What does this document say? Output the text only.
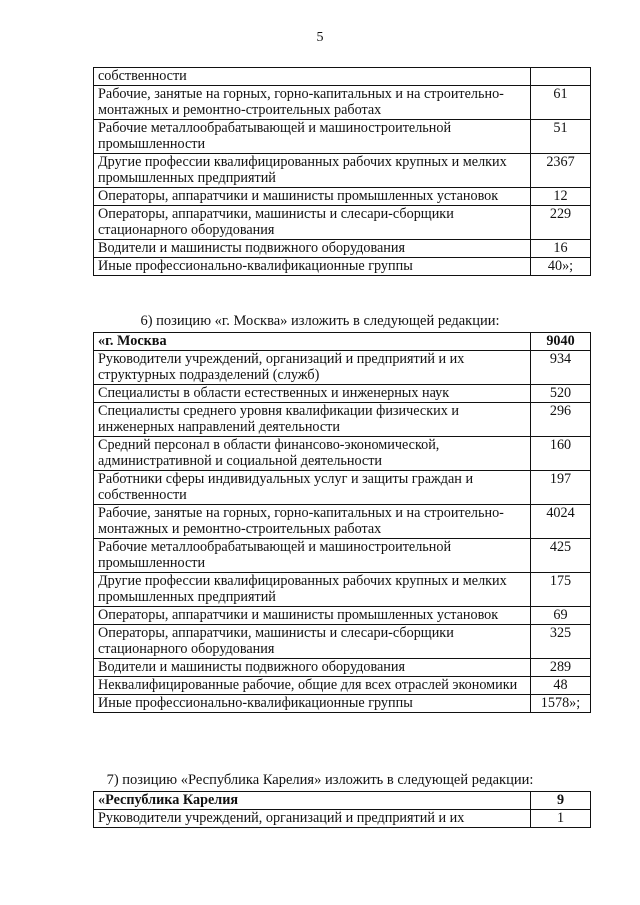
5
собственности	
Рабочие, занятые на горных, горно-капитальных и на строительно-монтажных и ремонтно-строительных работах	61
Рабочие металлообрабатывающей и машиностроительной промышленности	51
Другие профессии квалифицированных рабочих крупных и мелких промышленных предприятий	2367
Операторы, аппаратчики и машинисты промышленных установок	12
Операторы, аппаратчики, машинисты и слесари-сборщики стационарного оборудования	229
Водители и машинисты подвижного оборудования	16
Иные профессионально-квалификационные группы	40»;
6) позицию «г. Москва» изложить в следующей редакции:
«г. Москва	9040
Руководители учреждений, организаций и предприятий и их структурных подразделений (служб)	934
Специалисты в области естественных и инженерных наук	520
Специалисты среднего уровня квалификации физических и инженерных направлений деятельности	296
Средний персонал в области финансово-экономической, административной и социальной деятельности	160
Работники сферы индивидуальных услуг и защиты граждан и собственности	197
Рабочие, занятые на горных, горно-капитальных и на строительно-монтажных и ремонтно-строительных работах	4024
Рабочие металлообрабатывающей и машиностроительной промышленности	425
Другие профессии квалифицированных рабочих крупных и мелких промышленных предприятий	175
Операторы, аппаратчики и машинисты промышленных установок	69
Операторы, аппаратчики, машинисты и слесари-сборщики стационарного оборудования	325
Водители и машинисты подвижного оборудования	289
Неквалифицированные рабочие, общие для всех отраслей экономики	48
Иные профессионально-квалификационные группы	1578»;
7) позицию «Республика Карелия» изложить в следующей редакции:
«Республика Карелия	9
Руководители учреждений, организаций и предприятий и их	1
